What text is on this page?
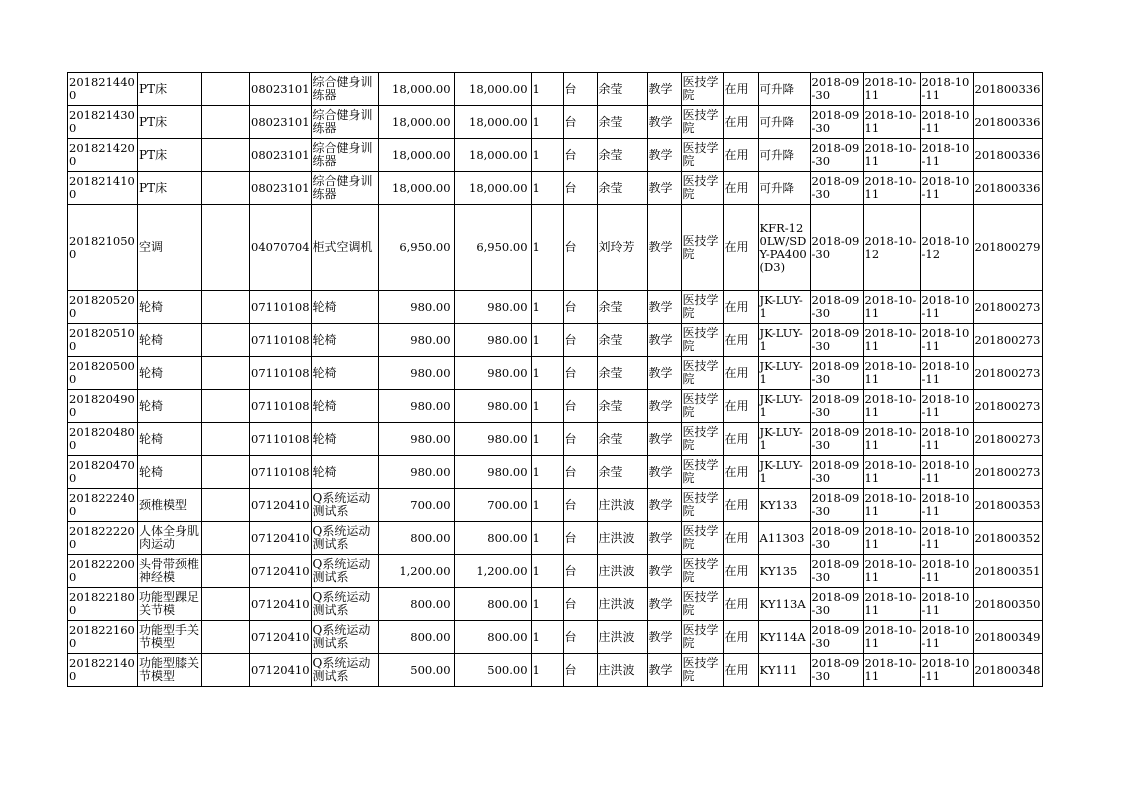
2018214400	PT床		08023101	综合健身训练器	18,000.00	18,000.00	1	台	余莹	教学	医技学院	在用	可升降	2018-09-30	2018-10-11	2018-10-11	201800336
2018214300	PT床		08023101	综合健身训练器	18,000.00	18,000.00	1	台	余莹	教学	医技学院	在用	可升降	2018-09-30	2018-10-11	2018-10-11	201800336
2018214200	PT床		08023101	综合健身训练器	18,000.00	18,000.00	1	台	余莹	教学	医技学院	在用	可升降	2018-09-30	2018-10-11	2018-10-11	201800336
2018214100	PT床		08023101	综合健身训练器	18,000.00	18,000.00	1	台	余莹	教学	医技学院	在用	可升降	2018-09-30	2018-10-11	2018-10-11	201800336
2018210500	空调		04070704	柜式空调机	6,950.00	6,950.00	1	台	刘玲芳	教学	医技学院	在用	KFR-120LW/SDY-PA400(D3)	2018-09-30	2018-10-12	2018-10-12	201800279
2018205200	轮椅		07110108	轮椅	980.00	980.00	1	台	余莹	教学	医技学院	在用	JK-LUY-1	2018-09-30	2018-10-11	2018-10-11	201800273
2018205100	轮椅		07110108	轮椅	980.00	980.00	1	台	余莹	教学	医技学院	在用	JK-LUY-1	2018-09-30	2018-10-11	2018-10-11	201800273
2018205000	轮椅		07110108	轮椅	980.00	980.00	1	台	余莹	教学	医技学院	在用	JK-LUY-1	2018-09-30	2018-10-11	2018-10-11	201800273
2018204900	轮椅		07110108	轮椅	980.00	980.00	1	台	余莹	教学	医技学院	在用	JK-LUY-1	2018-09-30	2018-10-11	2018-10-11	201800273
2018204800	轮椅		07110108	轮椅	980.00	980.00	1	台	余莹	教学	医技学院	在用	JK-LUY-1	2018-09-30	2018-10-11	2018-10-11	201800273
2018204700	轮椅		07110108	轮椅	980.00	980.00	1	台	余莹	教学	医技学院	在用	JK-LUY-1	2018-09-30	2018-10-11	2018-10-11	201800273
2018222400	颈椎模型		07120410	Q系统运动测试系	700.00	700.00	1	台	庄洪波	教学	医技学院	在用	KY133	2018-09-30	2018-10-11	2018-10-11	201800353
2018222200	人体全身肌肉运动		07120410	Q系统运动测试系	800.00	800.00	1	台	庄洪波	教学	医技学院	在用	A11303	2018-09-30	2018-10-11	2018-10-11	201800352
2018222000	头骨带颈椎神经模		07120410	Q系统运动测试系	1,200.00	1,200.00	1	台	庄洪波	教学	医技学院	在用	KY135	2018-09-30	2018-10-11	2018-10-11	201800351
2018221800	功能型踝足关节模		07120410	Q系统运动测试系	800.00	800.00	1	台	庄洪波	教学	医技学院	在用	KY113A	2018-09-30	2018-10-11	2018-10-11	201800350
2018221600	功能型手关节模型		07120410	Q系统运动测试系	800.00	800.00	1	台	庄洪波	教学	医技学院	在用	KY114A	2018-09-30	2018-10-11	2018-10-11	201800349
2018221400	功能型膝关节模型		07120410	Q系统运动测试系	500.00	500.00	1	台	庄洪波	教学	医技学院	在用	KY111	2018-09-30	2018-10-11	2018-10-11	201800348
